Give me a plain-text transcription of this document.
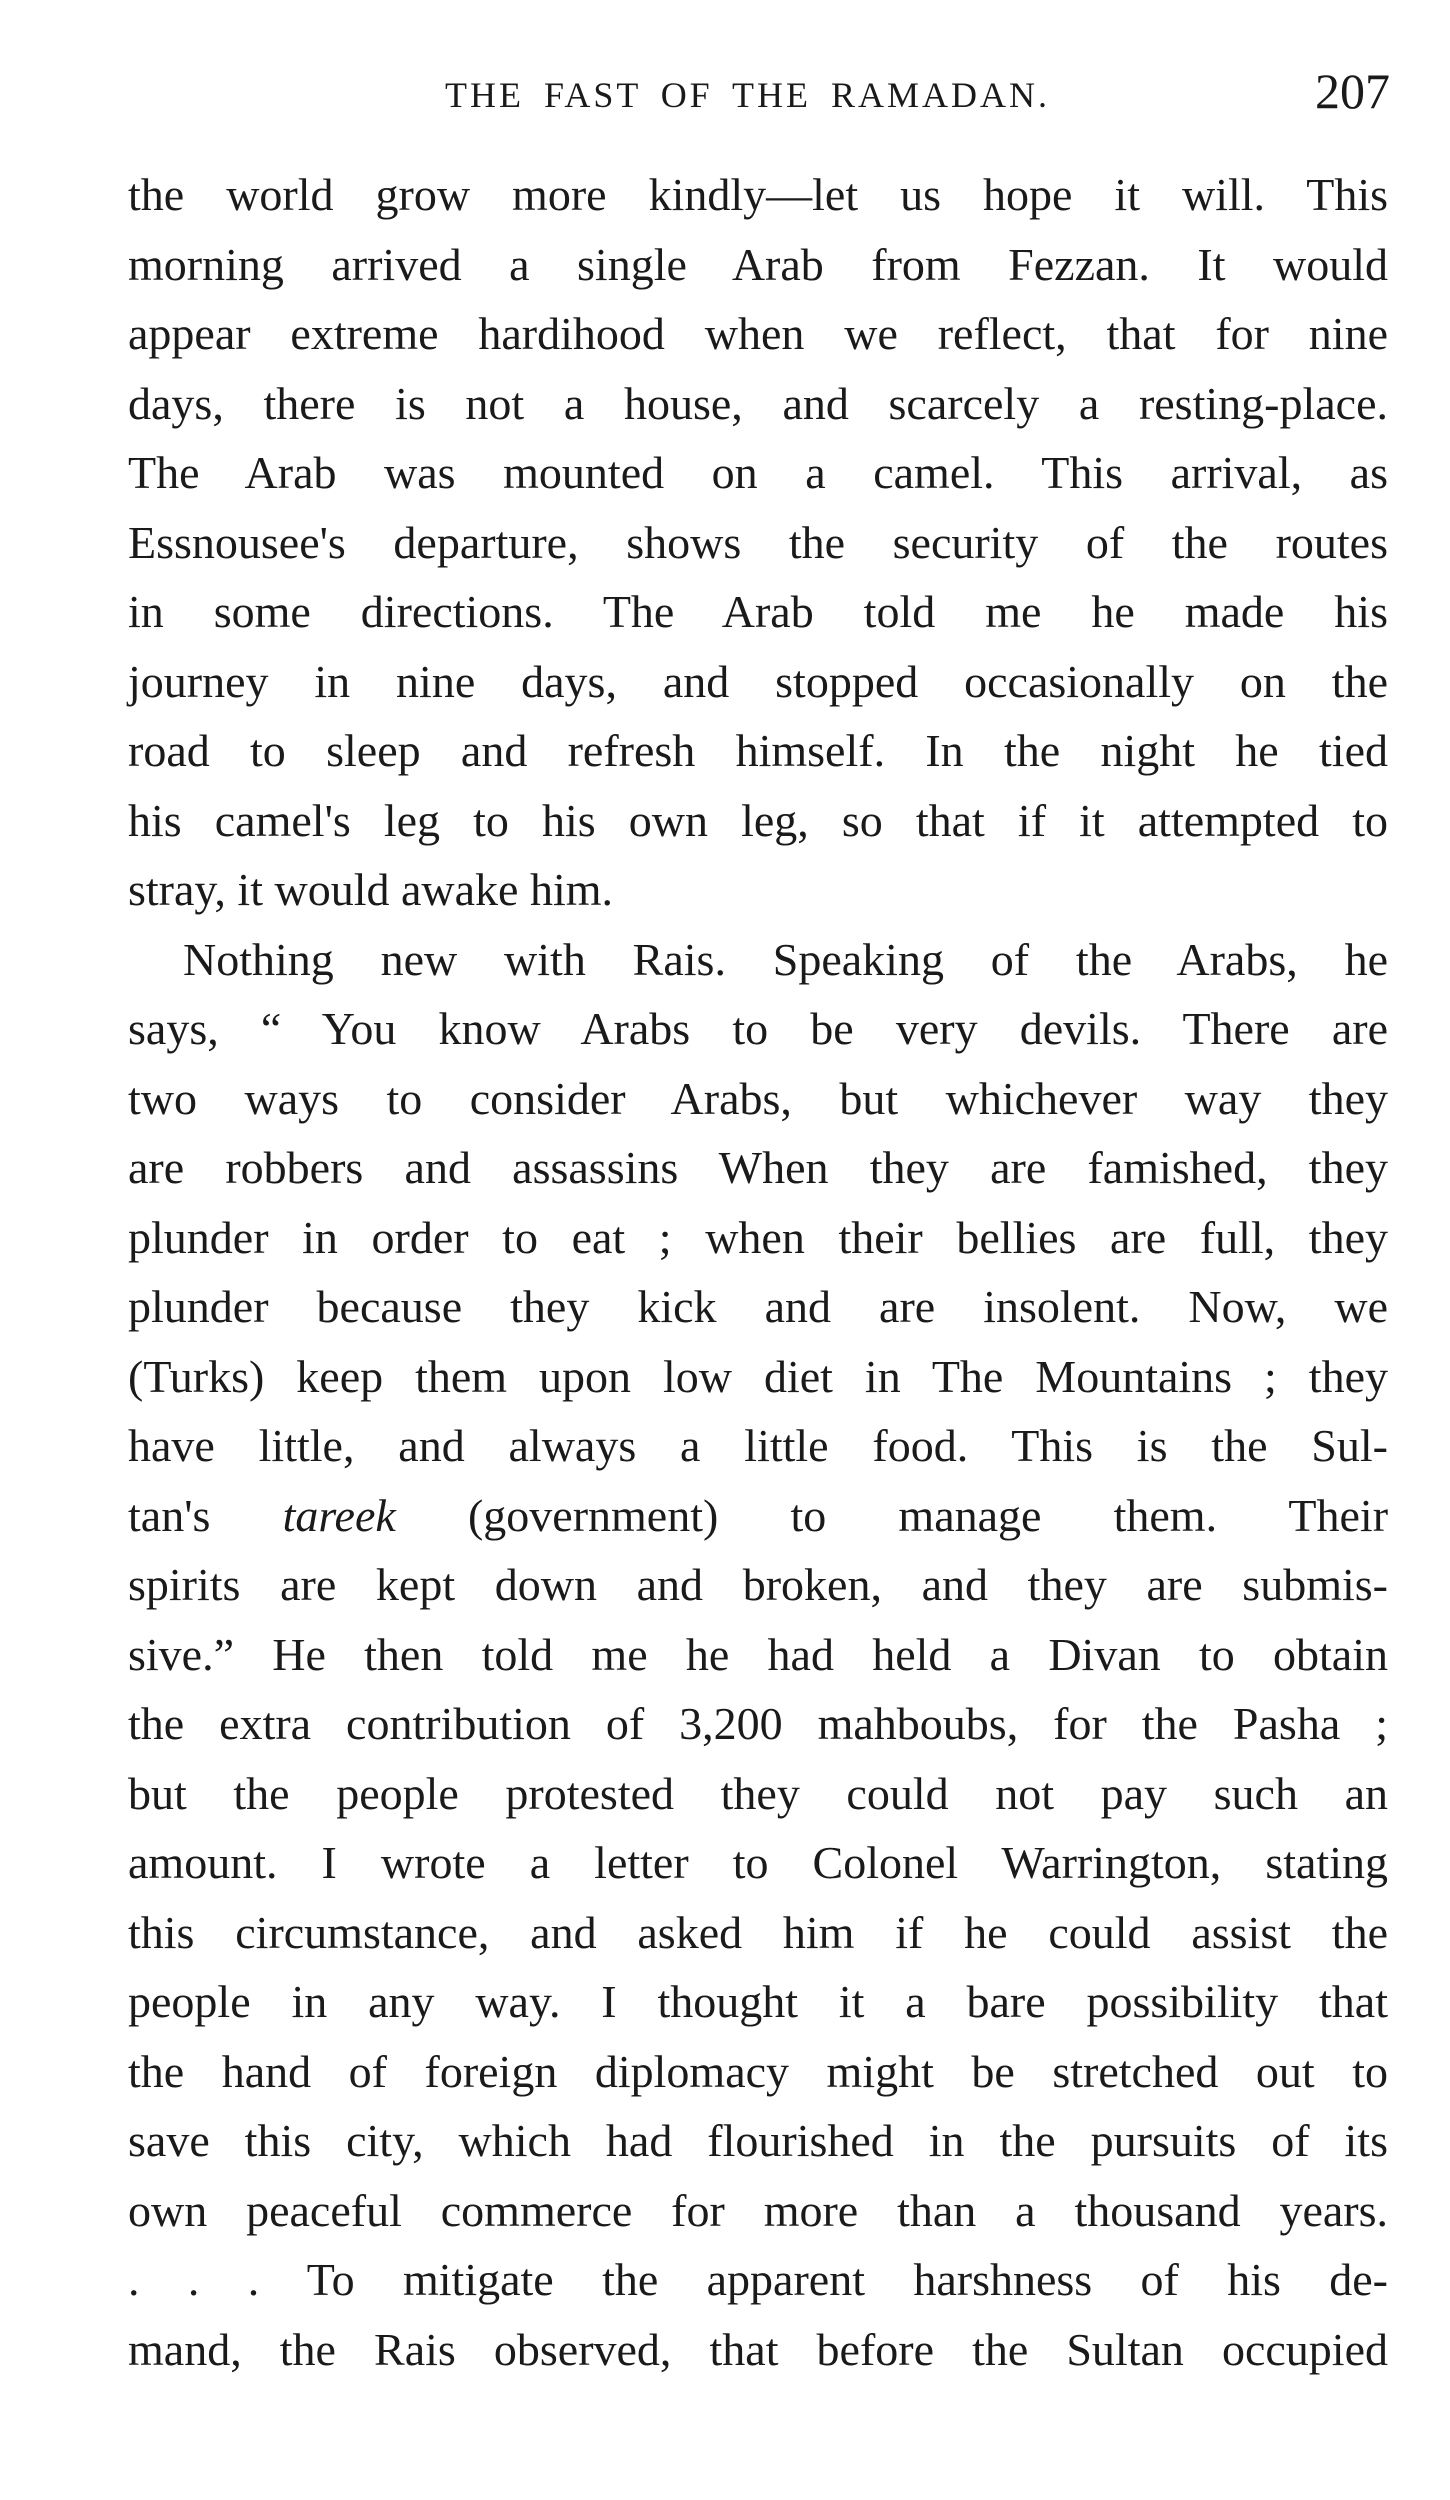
THE FAST OF THE RAMADAN.	207
the world grow more kindly—let us hope it will. This
morning arrived a single Arab from Fezzan. It would
appear extreme hardihood when we reflect, that for nine
days, there is not a house, and scarcely a resting-place.
The Arab was mounted on a camel. This arrival, as
Essnousee's departure, shows the security of the routes
in some directions. The Arab told me he made his
journey in nine days, and stopped occasionally on the
road to sleep and refresh himself. In the night he tied
his camel's leg to his own leg, so that if it attempted to
stray, it would awake him.
Nothing new with Rais. Speaking of the Arabs, he
says, “ You know Arabs to be very devils. There are
two ways to consider Arabs, but whichever way they
are robbers and assassins When they are famished, they
plunder in order to eat ; when their bellies are full, they
plunder because they kick and are insolent. Now, we
(Turks) keep them upon low diet in The Mountains ; they
have little, and always a little food. This is the Sul-
tan's tareek (government) to manage them. Their
spirits are kept down and broken, and they are submis-
sive.” He then told me he had held a Divan to obtain
the extra contribution of 3,200 mahboubs, for the Pasha ;
but the people protested they could not pay such an
amount. I wrote a letter to Colonel Warrington, stating
this circumstance, and asked him if he could assist the
people in any way. I thought it a bare possibility that
the hand of foreign diplomacy might be stretched out to
save this city, which had flourished in the pursuits of its
own peaceful commerce for more than a thousand years.
. . . To mitigate the apparent harshness of his de-
mand, the Rais observed, that before the Sultan occupied
